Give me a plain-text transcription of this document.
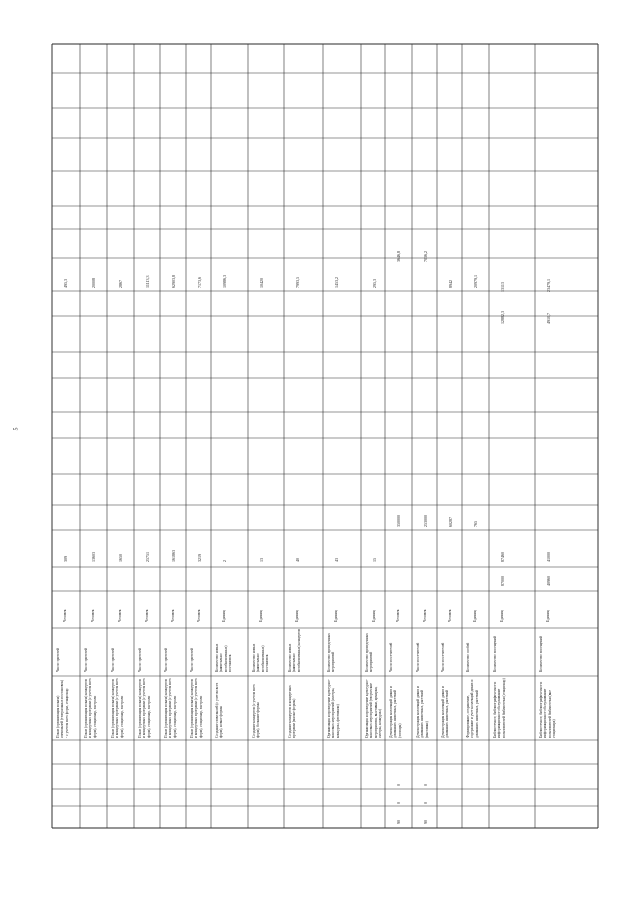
5
Показ (организация показа) спектаклей (театральных постановок) - с учетом всех форм, стационар
Число зрителей
Человек
309
495,3
Показ (организация показа) концертов и концертных программ (с учетом всех форм), стационар, гастроли
Число зрителей
Человек
13603
20008
Показ (организация показа) концертов и концертных программ (с учетом всех форм), стационар, гастроли
Число зрителей
Человек
1650
2867
Показ (организация показа) концертов и концертных программ (с учетом всех форм), стационар, гастроли
Число зрителей
Человек
25751
11113,3
Показ (организация показа) концертов и концертных программ (с учетом всех форм), стационар, гастроли
Число зрителей
Человек
161863
62903,8
Показ (организация показа) концертов и концертных программ (с учетом всех форм), стационар, гастроли
Число зрителей
Человек
3219
7173,6
Создание спектаклей (с учетом всех форм), новые формы
Количество новых (капитально возобновленных) постановок
Единиц
2
10986,3
Создание концертов (с учетом всех форм), большие формы
Количество новых (капитально возобновленных) постановок
Единиц
13
10420
Создание концертов и концертных программ (малые формы)
Количество новых (капитально возобновленных) концертов
Единиц
40
7993,5
Организация и проведение культурно-массовых мероприятий (смотры, конкурсы, фестивали)
Количество проведенных мероприятий
Единиц
43
1453,2
Организация и проведение культурно-массовых мероприятий (творческие мероприятия, выставки, ярмарки, смотры, конкурсы)
Количество проведенных мероприятий
Единиц
15
295,3
Демонстрация коллекций диких и домашних животных, растений (зоопарк)
Число посетителей
Человек
90
0
0
350000
3646,8
Демонстрация коллекций диких и домашних животных, растений (выставки)
Число посетителей
Человек
90
0
0
253000
7036,2
Демонстрация коллекций диких и домашних животных, растений
Число посетителей
Человек
60287
8942
Формирование, сохранение, содержание и учет коллекций диких и домашних животных, растений
Количество особей
Единиц
765
20979,1
Библиотечное, библиографическое и информационное обслуживание пользователей библиотеки (стационар)
Количество посещений
Единиц
87000
87460
13113
12882,3
Библиотечное, библиографическое и информационное обслуживание пользователей библиотеки (вне стационара)
Количество посещений
Единиц
40960
41000
23479,1
4910,7
